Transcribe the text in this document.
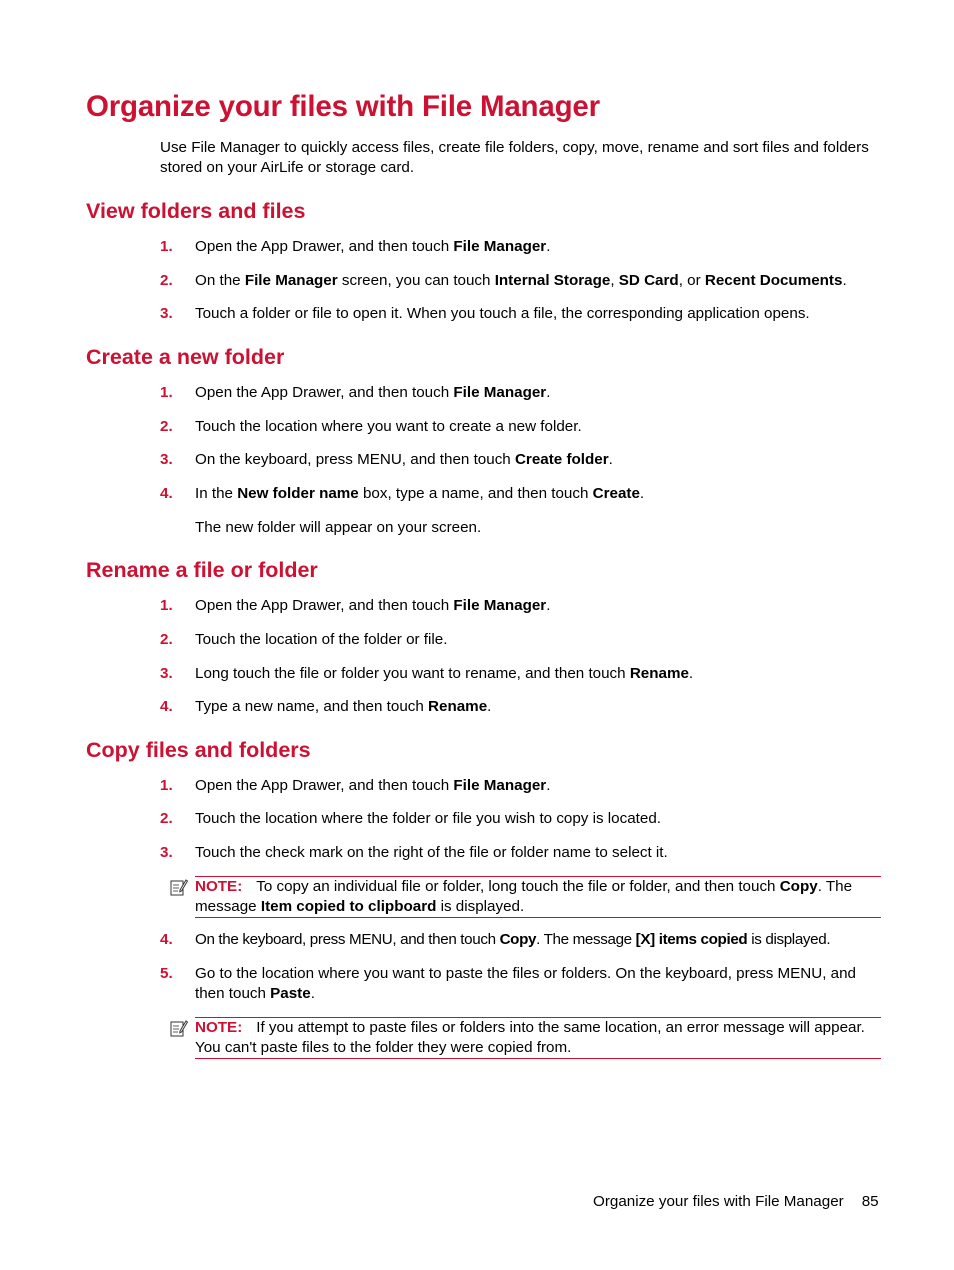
Organize your files with File Manager

Use File Manager to quickly access files, create file folders, copy, move, rename and sort files and folders stored on your AirLife or storage card.

View folders and files
1. Open the App Drawer, and then touch File Manager.
2. On the File Manager screen, you can touch Internal Storage, SD Card, or Recent Documents.
3. Touch a folder or file to open it. When you touch a file, the corresponding application opens.
Create a new folder
1. Open the App Drawer, and then touch File Manager.
2. Touch the location where you want to create a new folder.
3. On the keyboard, press MENU, and then touch Create folder.
4. In the New folder name box, type a name, and then touch Create.
The new folder will appear on your screen.
Rename a file or folder
1. Open the App Drawer, and then touch File Manager.
2. Touch the location of the folder or file.
3. Long touch the file or folder you want to rename, and then touch Rename.
4. Type a new name, and then touch Rename.
Copy files and folders
1. Open the App Drawer, and then touch File Manager.
2. Touch the location where the folder or file you wish to copy is located.
3. Touch the check mark on the right of the file or folder name to select it.
NOTE: To copy an individual file or folder, long touch the file or folder, and then touch Copy. The message Item copied to clipboard is displayed.
4. On the keyboard, press MENU, and then touch Copy. The message [X] items copied is displayed.
5. Go to the location where you want to paste the files or folders. On the keyboard, press MENU, and then touch Paste.
NOTE: If you attempt to paste files or folders into the same location, an error message will appear. You can't paste files to the folder they were copied from.
Organize your files with File Manager 85
